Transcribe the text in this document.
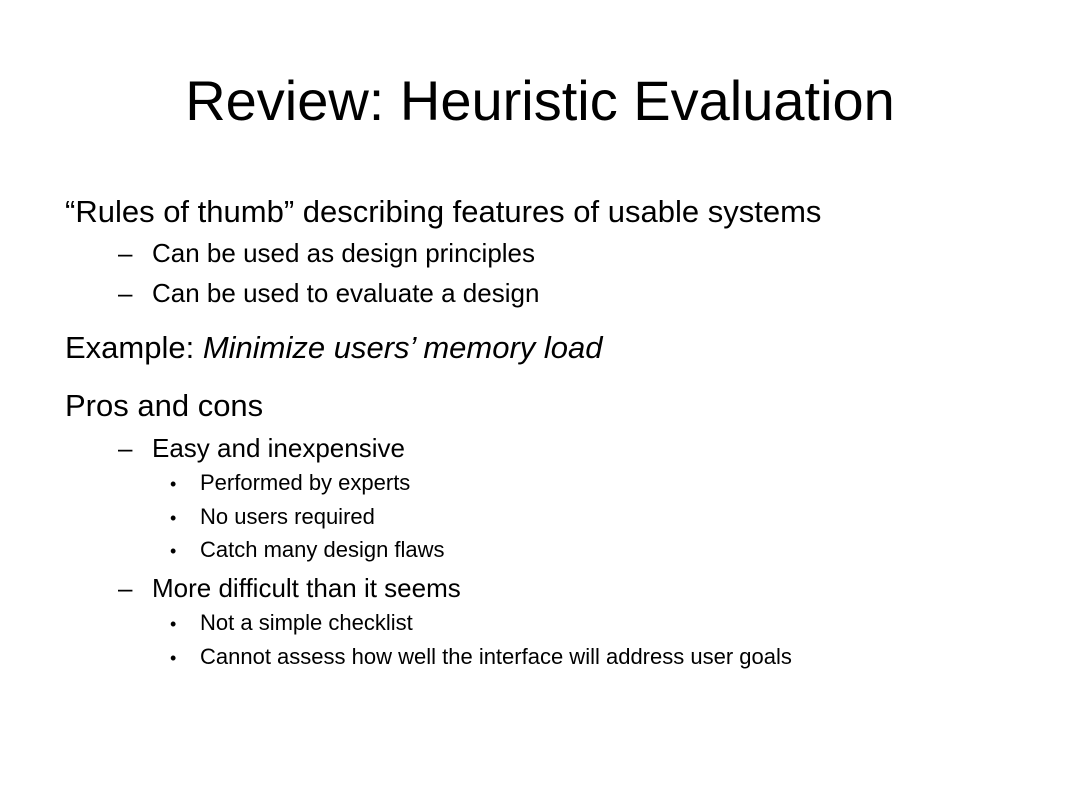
Review: Heuristic Evaluation
“Rules of thumb” describing features of usable systems
– Can be used as design principles
– Can be used to evaluate a design
Example: Minimize users’ memory load
Pros and cons
– Easy and inexpensive
• Performed by experts
• No users required
• Catch many design flaws
– More difficult than it seems
• Not a simple checklist
• Cannot assess how well the interface will address user goals
